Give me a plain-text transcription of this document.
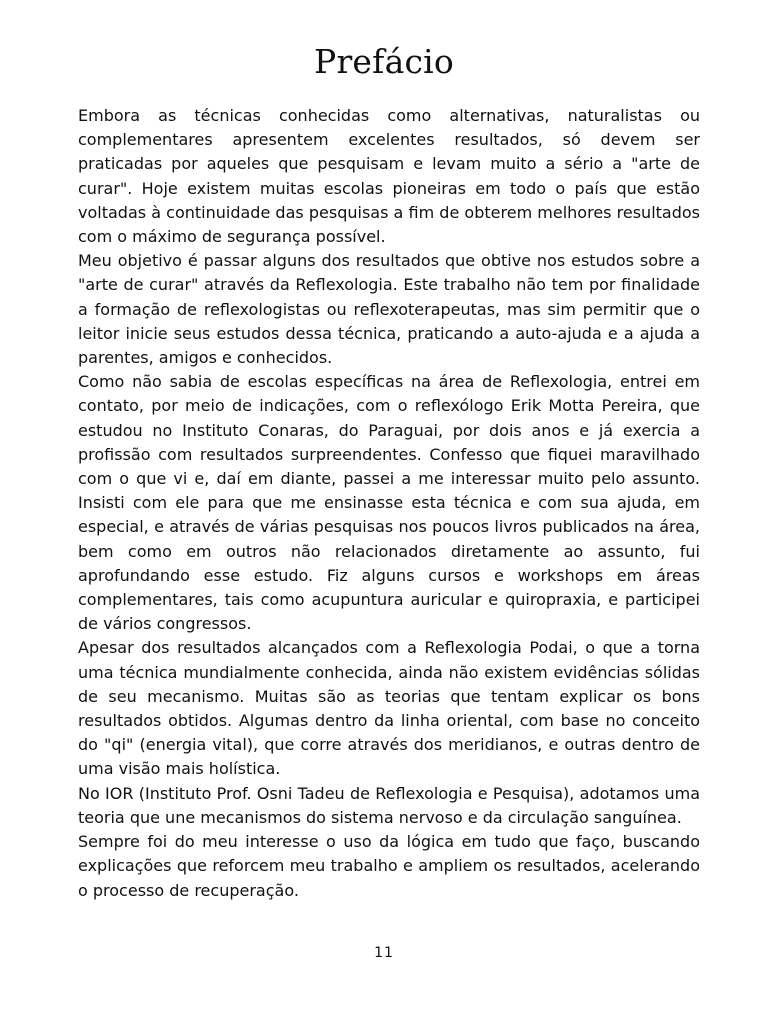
Prefácio

Embora as técnicas conhecidas como alternativas, naturalistas ou complementares apresentem excelentes resultados, só devem ser praticadas por aqueles que pesquisam e levam muito a sério a "arte de curar". Hoje existem muitas escolas pioneiras em todo o país que estão voltadas à continuidade das pesquisas a fim de obterem melhores resultados com o máximo de segurança possível.

Meu objetivo é passar alguns dos resultados que obtive nos estudos sobre a "arte de curar" através da Reflexologia. Este trabalho não tem por finalidade a formação de reflexologistas ou reflexoterapeutas, mas sim permitir que o leitor inicie seus estudos dessa técnica, praticando a auto-ajuda e a ajuda a parentes, amigos e conhecidos.

Como não sabia de escolas específicas na área de Reflexologia, entrei em contato, por meio de indicações, com o reflexólogo Erik Motta Pereira, que estudou no Instituto Conaras, do Paraguai, por dois anos e já exercia a profissão com resultados surpreendentes. Confesso que fiquei maravilhado com o que vi e, daí em diante, passei a me interessar muito pelo assunto. Insisti com ele para que me ensinasse esta técnica e com sua ajuda, em especial, e através de várias pesquisas nos poucos livros publicados na área, bem como em outros não relacionados diretamente ao assunto, fui aprofundando esse estudo. Fiz alguns cursos e workshops em áreas complementares, tais como acupuntura auricular e quiropraxia, e participei de vários congressos.

Apesar dos resultados alcançados com a Reflexologia Podai, o que a torna uma técnica mundialmente conhecida, ainda não existem evidências sólidas de seu mecanismo. Muitas são as teorias que tentam explicar os bons resultados obtidos. Algumas dentro da linha oriental, com base no conceito do "qi" (energia vital), que corre através dos meridianos, e outras dentro de uma visão mais holística.

No IOR (Instituto Prof. Osni Tadeu de Reflexologia e Pesquisa), adotamos uma teoria que une mecanismos do sistema nervoso e da circulação sanguínea.

Sempre foi do meu interesse o uso da lógica em tudo que faço, buscando explicações que reforcem meu trabalho e ampliem os resultados, acelerando o processo de recuperação.

11
